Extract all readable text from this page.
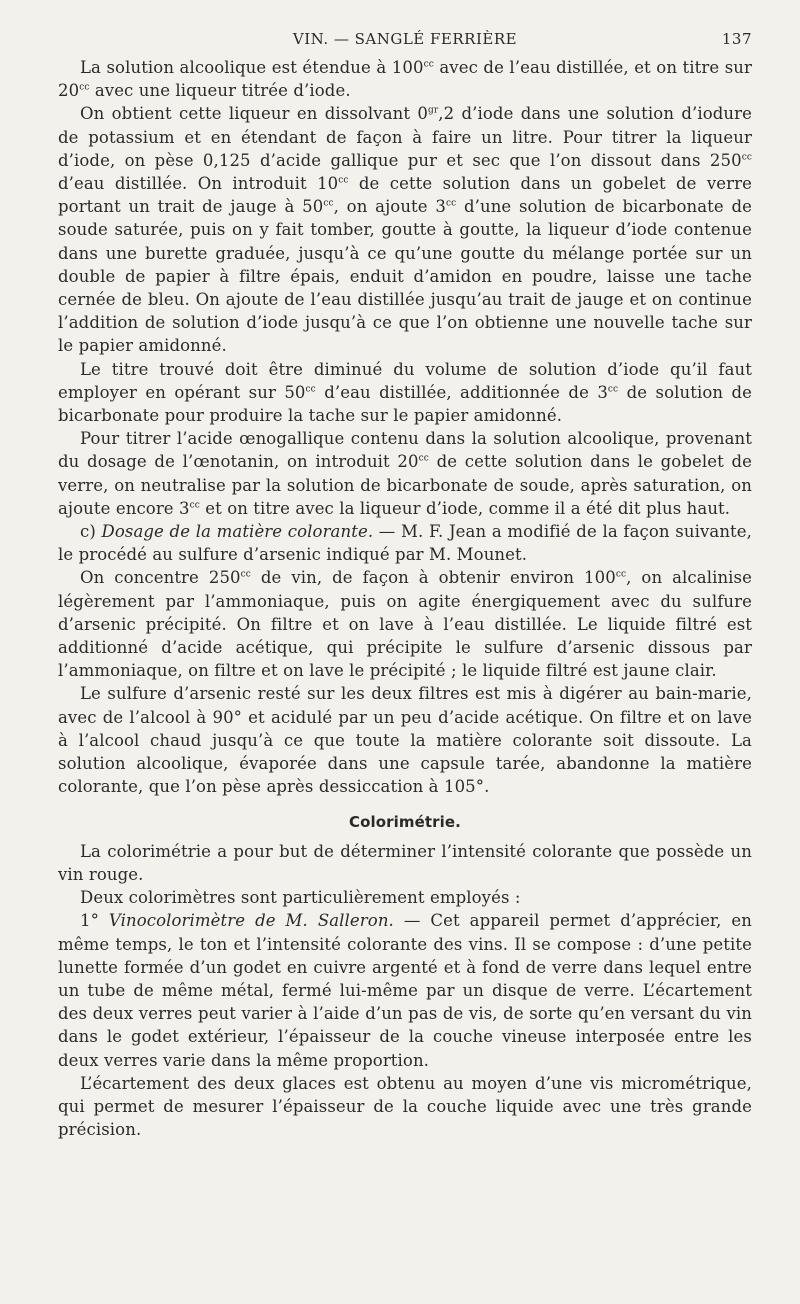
VIN. — SANGLÉ FERRIÈRE	137

La solution alcoolique est étendue à $100^{cc}$ avec de l’eau distillée, et on titre sur $20^{cc}$ avec une liqueur titrée d’iode.

On obtient cette liqueur en dissolvant $0^{gr},2$ d’iode dans une solution d’iodure de potassium et en étendant de façon à faire un litre. Pour titrer la liqueur d’iode, on pèse 0,125 d’acide gallique pur et sec que l’on dissout dans $250^{cc}$ d’eau distillée. On introduit $10^{cc}$ de cette solution dans un gobelet de verre portant un trait de jauge à $50^{cc}$, on ajoute $3^{cc}$ d’une solution de bicarbonate de soude saturée, puis on y fait tomber, goutte à goutte, la liqueur d’iode contenue dans une burette graduée, jusqu’à ce qu’une goutte du mélange portée sur un double de papier à filtre épais, enduit d’amidon en poudre, laisse une tache cernée de bleu. On ajoute de l’eau distillée jusqu’au trait de jauge et on continue l’addition de solution d’iode jusqu’à ce que l’on obtienne une nouvelle tache sur le papier amidonné.

Le titre trouvé doit être diminué du volume de solution d’iode qu’il faut employer en opérant sur $50^{cc}$ d’eau distillée, additionnée de $3^{cc}$ de solution de bicarbonate pour produire la tache sur le papier amidonné.

Pour titrer l’acide œnogallique contenu dans la solution alcoolique, provenant du dosage de l’œnotanin, on introduit $20^{cc}$ de cette solution dans le gobelet de verre, on neutralise par la solution de bicarbonate de soude, après saturation, on ajoute encore $3^{cc}$ et on titre avec la liqueur d’iode, comme il a été dit plus haut.

c) Dosage de la matière colorante. — M. F. Jean a modifié de la façon suivante, le procédé au sulfure d’arsenic indiqué par M. Mounet.

On concentre $250^{cc}$ de vin, de façon à obtenir environ $100^{cc}$, on alcalinise légèrement par l’ammoniaque, puis on agite énergiquement avec du sulfure d’arsenic précipité. On filtre et on lave à l’eau distillée. Le liquide filtré est additionné d’acide acétique, qui précipite le sulfure d’arsenic dissous par l’ammoniaque, on filtre et on lave le précipité ; le liquide filtré est jaune clair.

Le sulfure d’arsenic resté sur les deux filtres est mis à digérer au bain-marie, avec de l’alcool à 90° et acidulé par un peu d’acide acétique. On filtre et on lave à l’alcool chaud jusqu’à ce que toute la matière colorante soit dissoute. La solution alcoolique, évaporée dans une capsule tarée, abandonne la matière colorante, que l’on pèse après dessiccation à 105°.

Colorimétrie.

La colorimétrie a pour but de déterminer l’intensité colorante que possède un vin rouge.

Deux colorimètres sont particulièrement employés :

1° Vinocolorimètre de M. Salleron. — Cet appareil permet d’apprécier, en même temps, le ton et l’intensité colorante des vins. Il se compose : d’une petite lunette formée d’un godet en cuivre argenté et à fond de verre dans lequel entre un tube de même métal, fermé lui-même par un disque de verre. L’écartement des deux verres peut varier à l’aide d’un pas de vis, de sorte qu’en versant du vin dans le godet extérieur, l’épaisseur de la couche vineuse interposée entre les deux verres varie dans la même proportion.

L’écartement des deux glaces est obtenu au moyen d’une vis micrométrique, qui permet de mesurer l’épaisseur de la couche liquide avec une très grande précision.
